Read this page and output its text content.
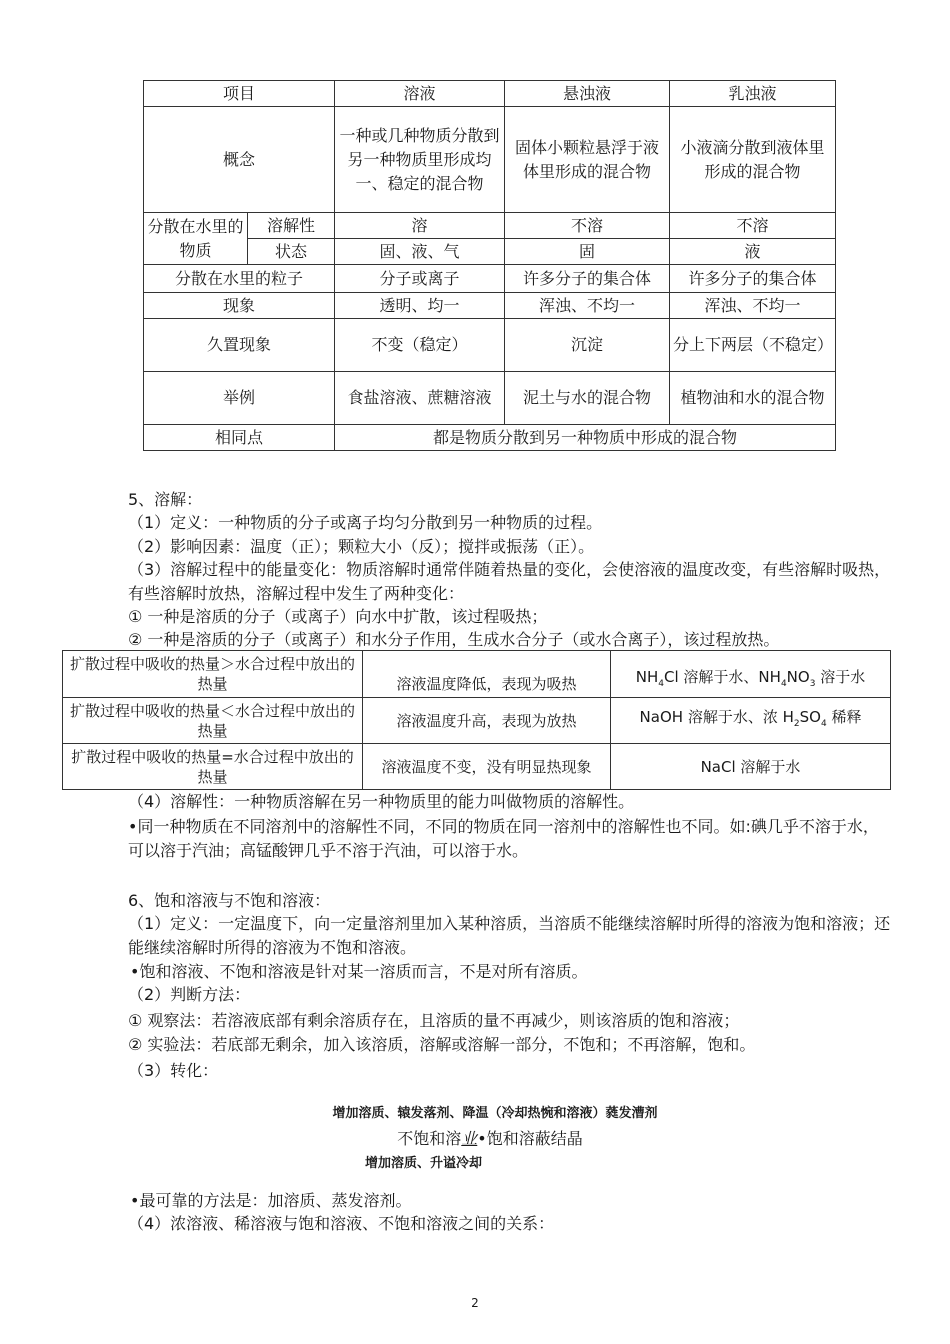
项目		溶液	悬浊液	乳浊液
概念		一种或几种物质分散到另一种物质里形成均一、稳定的混合物	固体小颗粒悬浮于液体里形成的混合物	小液滴分散到液体里形成的混合物
分散在水里的物质	溶解性	溶	不溶	不溶
	状态	固、液、气	固	液
分散在水里的粒子		分子或离子	许多分子的集合体	许多分子的集合体
现象		透明、均一	浑浊、不均一	浑浊、不均一
久置现象		不变（稳定）	沉淀	分上下两层（不稳定）
举例		食盐溶液、蔗糖溶液	泥土与水的混合物	植物油和水的混合物
相同点		都是物质分散到另一种物质中形成的混合物		
5、溶解：
（1）定义：一种物质的分子或离子均匀分散到另一种物质的过程。
（2）影响因素：温度（正）；颗粒大小（反）；搅拌或振荡（正）。
（3）溶解过程中的能量变化：物质溶解时通常伴随着热量的变化，会使溶液的温度改变，有些溶解时吸热，有些溶解时放热，溶解过程中发生了两种变化：
① 一种是溶质的分子（或离子）向水中扩散，该过程吸热；
② 一种是溶质的分子（或离子）和水分子作用，生成水合分子（或水合离子），该过程放热。
扩散过程中吸收的热量＞水合过程中放出的热量	溶液温度降低，表现为吸热	$NH_4Cl$ 溶解于水、$NH_4NO_3$ 溶于水
扩散过程中吸收的热量＜水合过程中放出的热量	溶液温度升高，表现为放热	NaOH 溶解于水、浓 $H_2SO_4$ 稀释
扩散过程中吸收的热量=水合过程中放出的热量	溶液温度不变，没有明显热现象	NaCl 溶解于水
（4）溶解性：一种物质溶解在另一种物质里的能力叫做物质的溶解性。
•同一种物质在不同溶剂中的溶解性不同，不同的物质在同一溶剂中的溶解性也不同。如:碘几乎不溶于水，可以溶于汽油；高锰酸钾几乎不溶于汽油，可以溶于水。
6、饱和溶液与不饱和溶液：
（1）定义：一定温度下，向一定量溶剂里加入某种溶质，当溶质不能继续溶解时所得的溶液为饱和溶液；还能继续溶解时所得的溶液为不饱和溶液。
•饱和溶液、不饱和溶液是针对某一溶质而言，不是对所有溶质。
（2）判断方法：
① 观察法：若溶液底部有剩余溶质存在，且溶质的量不再减少，则该溶质的饱和溶液；
② 实验法：若底部无剩余，加入该溶质，溶解或溶解一部分，不饱和；不再溶解，饱和。
（3）转化：
增加溶质、辕发落剂、降温（冷却热惋和溶液）蕤发漕剂
不饱和溶业•饱和溶蔽结晶
增加溶质、升谥冷却
•最可靠的方法是：加溶质、蒸发溶剂。
（4）浓溶液、稀溶液与饱和溶液、不饱和溶液之间的关系：
2
